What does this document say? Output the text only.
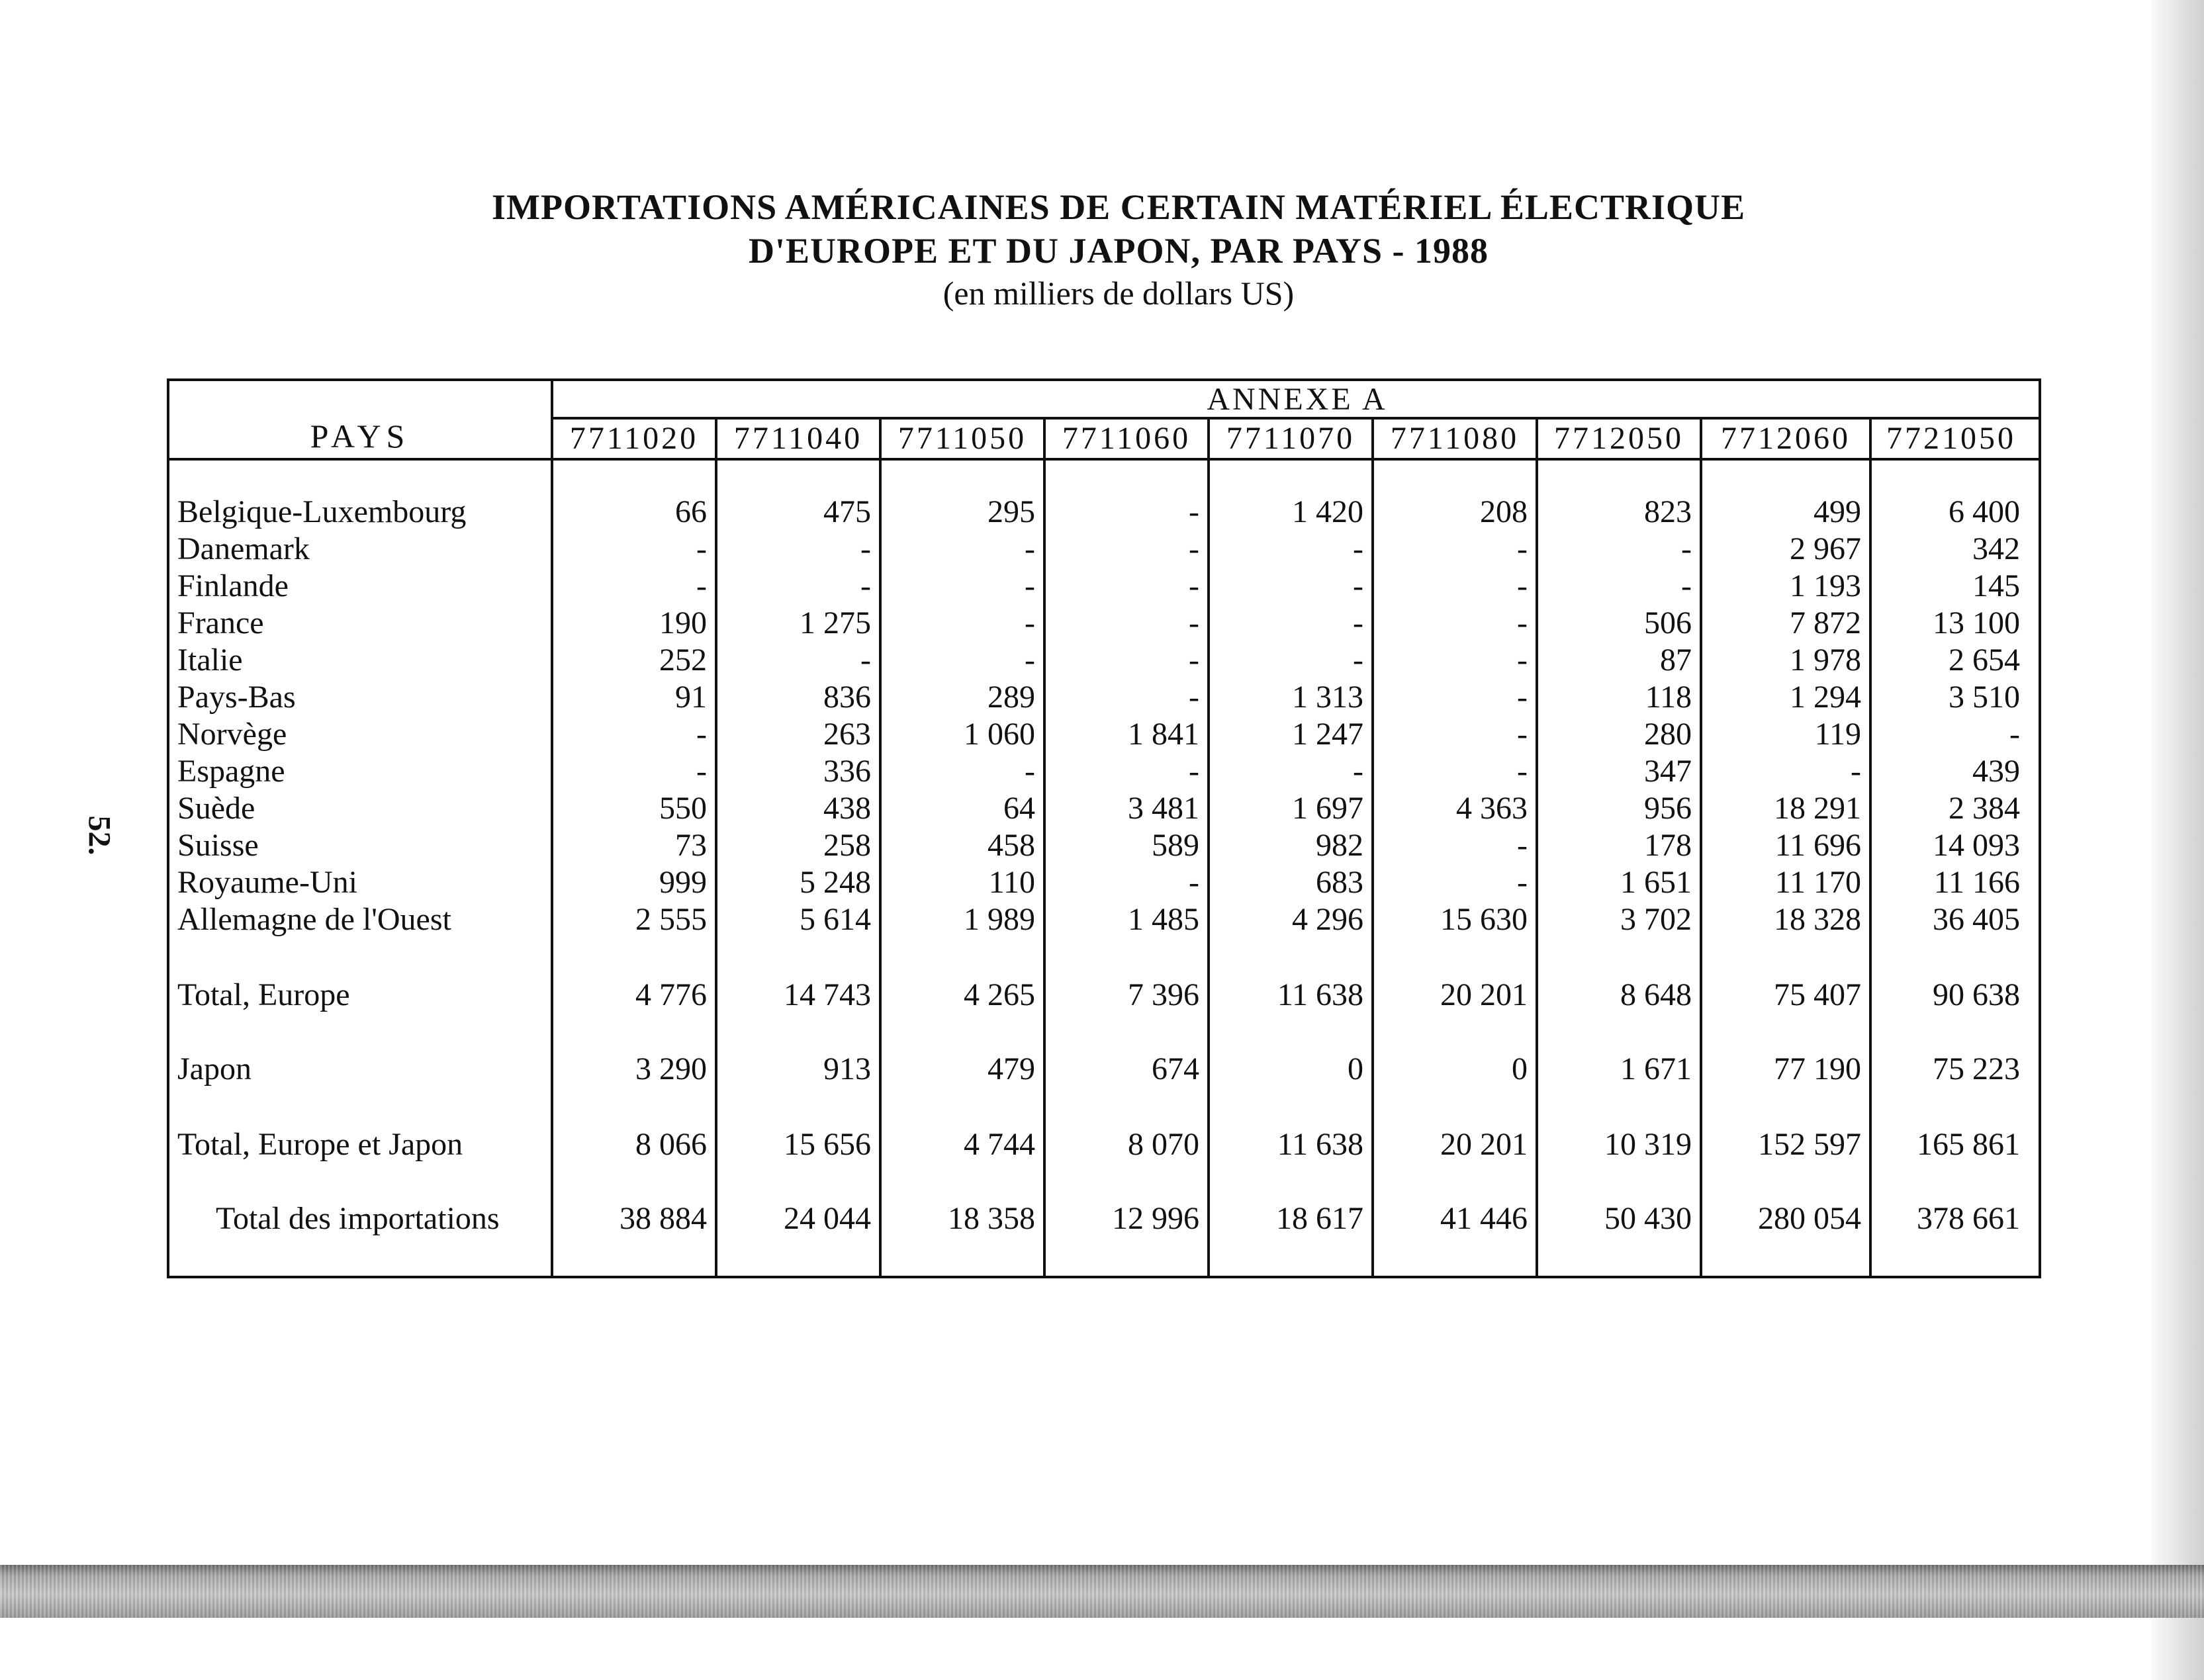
52.
IMPORTATIONS AMÉRICAINES DE CERTAIN MATÉRIEL ÉLECTRIQUE
D'EUROPE ET DU JAPON, PAR PAYS - 1988
(en milliers de dollars US)
PAYS
ANNEXE A
7711020	7711040	7711050	7711060	7711070	7711080	7712050	7712060	7721050
Belgique-Luxembourg	66	475	295	-	1 420	208	823	499	6 400
Danemark	-	-	-	-	-	-	-	2 967	342
Finlande	-	-	-	-	-	-	-	1 193	145
France	190	1 275	-	-	-	-	506	7 872	13 100
Italie	252	-	-	-	-	-	87	1 978	2 654
Pays-Bas	91	836	289	-	1 313	-	118	1 294	3 510
Norvège	-	263	1 060	1 841	1 247	-	280	119	-
Espagne	-	336	-	-	-	-	347	-	439
Suède	550	438	64	3 481	1 697	4 363	956	18 291	2 384
Suisse	73	258	458	589	982	-	178	11 696	14 093
Royaume-Uni	999	5 248	110	-	683	-	1 651	11 170	11 166
Allemagne de l'Ouest	2 555	5 614	1 989	1 485	4 296	15 630	3 702	18 328	36 405
Total, Europe	4 776	14 743	4 265	7 396	11 638	20 201	8 648	75 407	90 638
Japon	3 290	913	479	674	0	0	1 671	77 190	75 223
Total, Europe et Japon	8 066	15 656	4 744	8 070	11 638	20 201	10 319	152 597	165 861
Total des importations	38 884	24 044	18 358	12 996	18 617	41 446	50 430	280 054	378 661
